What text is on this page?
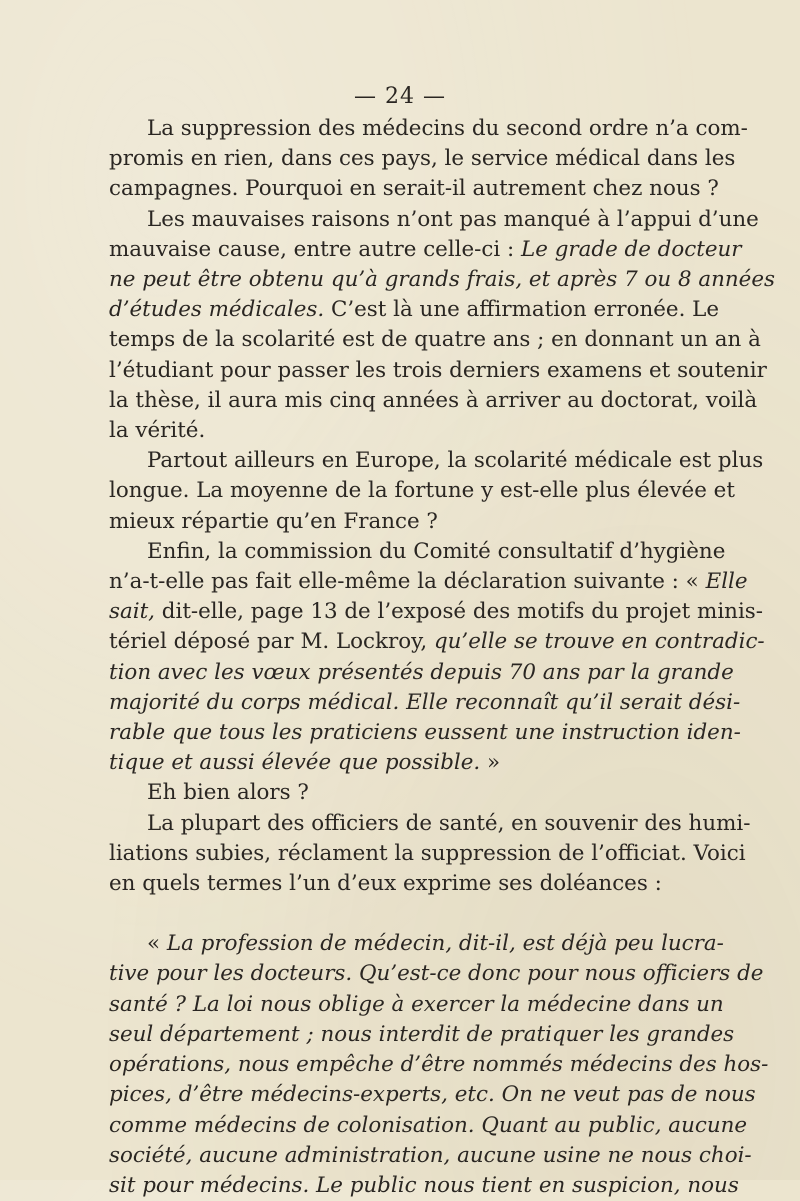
— 24 —
La suppression des médecins du second ordre n’a com-
promis en rien, dans ces pays, le service médical dans les
campagnes. Pourquoi en serait-il autrement chez nous ?
Les mauvaises raisons n’ont pas manqué à l’appui d’une
mauvaise cause, entre autre celle-ci : Le grade de docteur
ne peut être obtenu qu’à grands frais, et après 7 ou 8 années
d’études médicales. C’est là une affirmation erronée. Le
temps de la scolarité est de quatre ans ; en donnant un an à
l’étudiant pour passer les trois derniers examens et soutenir
la thèse, il aura mis cinq années à arriver au doctorat, voilà
la vérité.
Partout ailleurs en Europe, la scolarité médicale est plus
longue. La moyenne de la fortune y est-elle plus élevée et
mieux répartie qu’en France ?
Enfin, la commission du Comité consultatif d’hygiène
n’a-t-elle pas fait elle-même la déclaration suivante : « Elle
sait, dit-elle, page 13 de l’exposé des motifs du projet minis-
tériel déposé par M. Lockroy, qu’elle se trouve en contradic-
tion avec les vœux présentés depuis 70 ans par la grande
majorité du corps médical. Elle reconnaît qu’il serait dési-
rable que tous les praticiens eussent une instruction iden-
tique et aussi élevée que possible. »
Eh bien alors ?
La plupart des officiers de santé, en souvenir des humi-
liations subies, réclament la suppression de l’officiat. Voici
en quels termes l’un d’eux exprime ses doléances :
« La profession de médecin, dit-il, est déjà peu lucra-
tive pour les docteurs. Qu’est-ce donc pour nous officiers de
santé ? La loi nous oblige à exercer la médecine dans un
seul département ; nous interdit de pratiquer les grandes
opérations, nous empêche d’être nommés médecins des hos-
pices, d’être médecins-experts, etc. On ne veut pas de nous
comme médecins de colonisation. Quant au public, aucune
société, aucune administration, aucune usine ne nous choi-
sit pour médecins. Le public nous tient en suspicion, nous
